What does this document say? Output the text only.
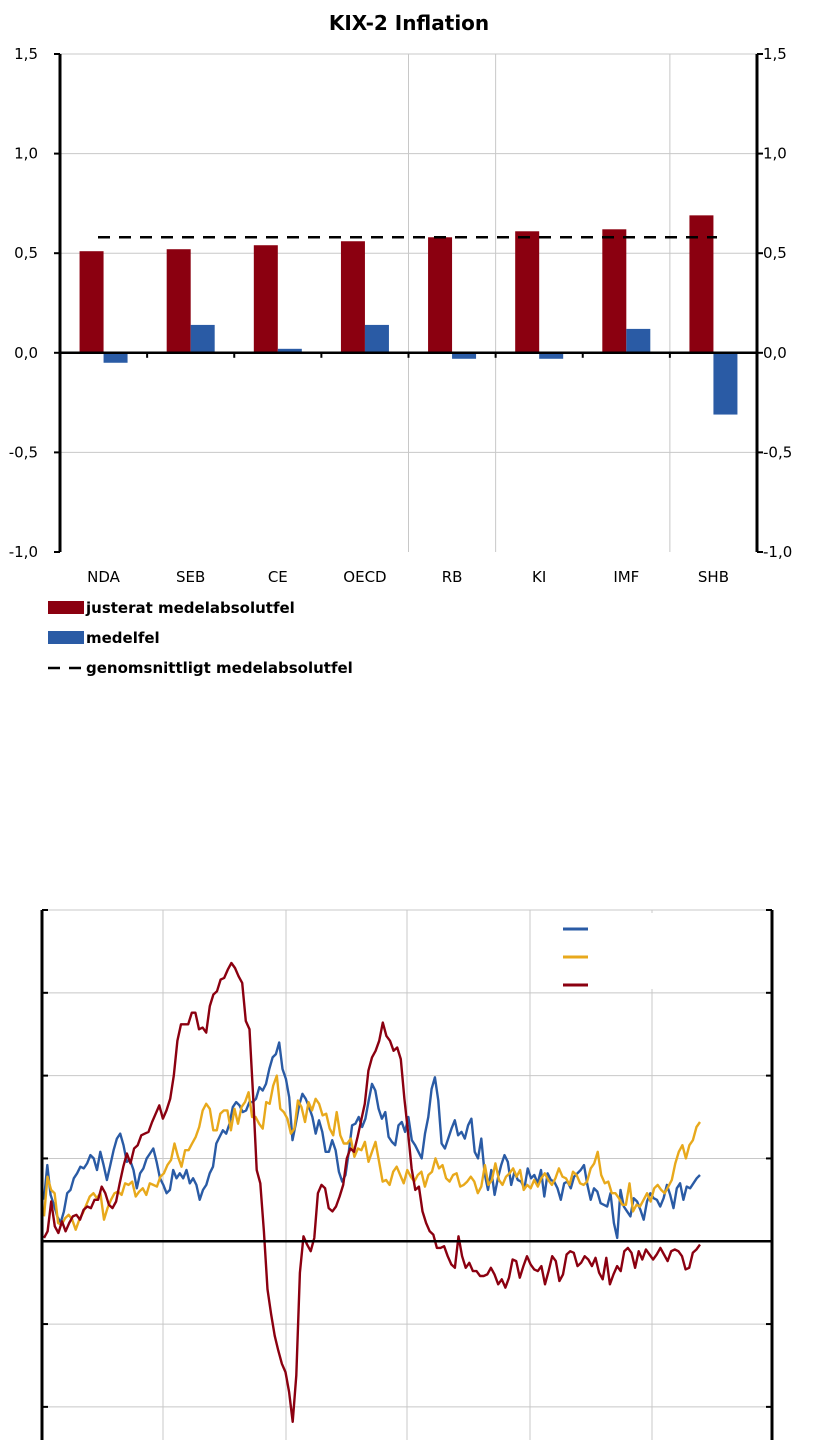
KIX-2 Inflation
-1,0	-1,0
-0,5	-0,5
0,0	0,0
0,5	0,5
1,0	1,0
1,5	1,5
NDA	SEB	CE	OECD	RB	KI	IMF	SHB
justerat medelabsolutfel
medelfel
genomsnittligt medelabsolutfel
